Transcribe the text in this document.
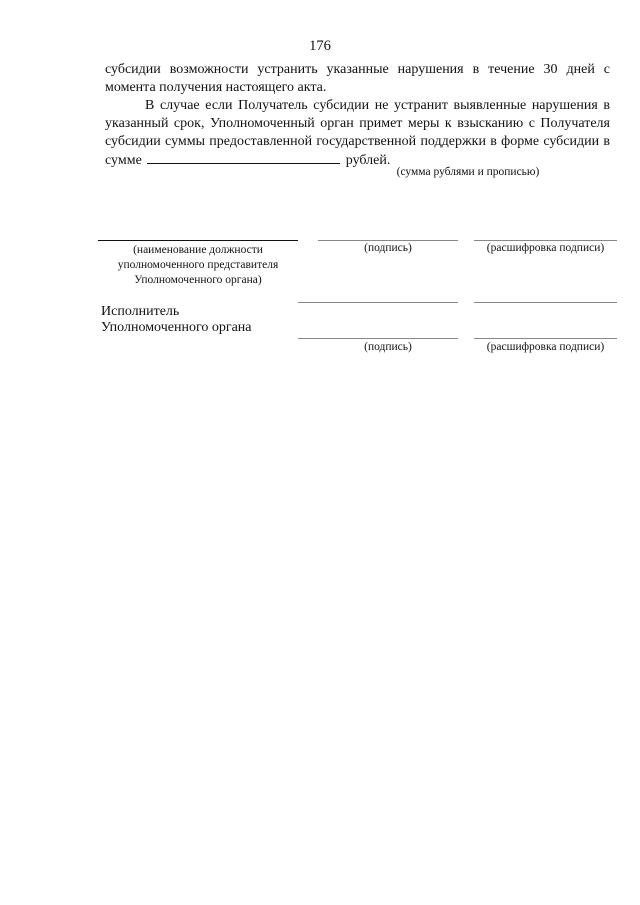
176

субсидии возможности устранить указанные нарушения в течение 30 дней с момента получения настоящего акта.

В случае если Получатель субсидии не устранит выявленные нарушения в указанный срок, Уполномоченный орган примет меры к взысканию с Получателя субсидии суммы предоставленной государственной поддержки в форме субсидии в сумме	рублей.

(сумма рублями и прописью)
(наименование должности уполномоченного представителя Уполномоченного органа)
(подпись)	(расшифровка подписи)
Исполнитель
Уполномоченного органа
(подпись)	(расшифровка подписи)
